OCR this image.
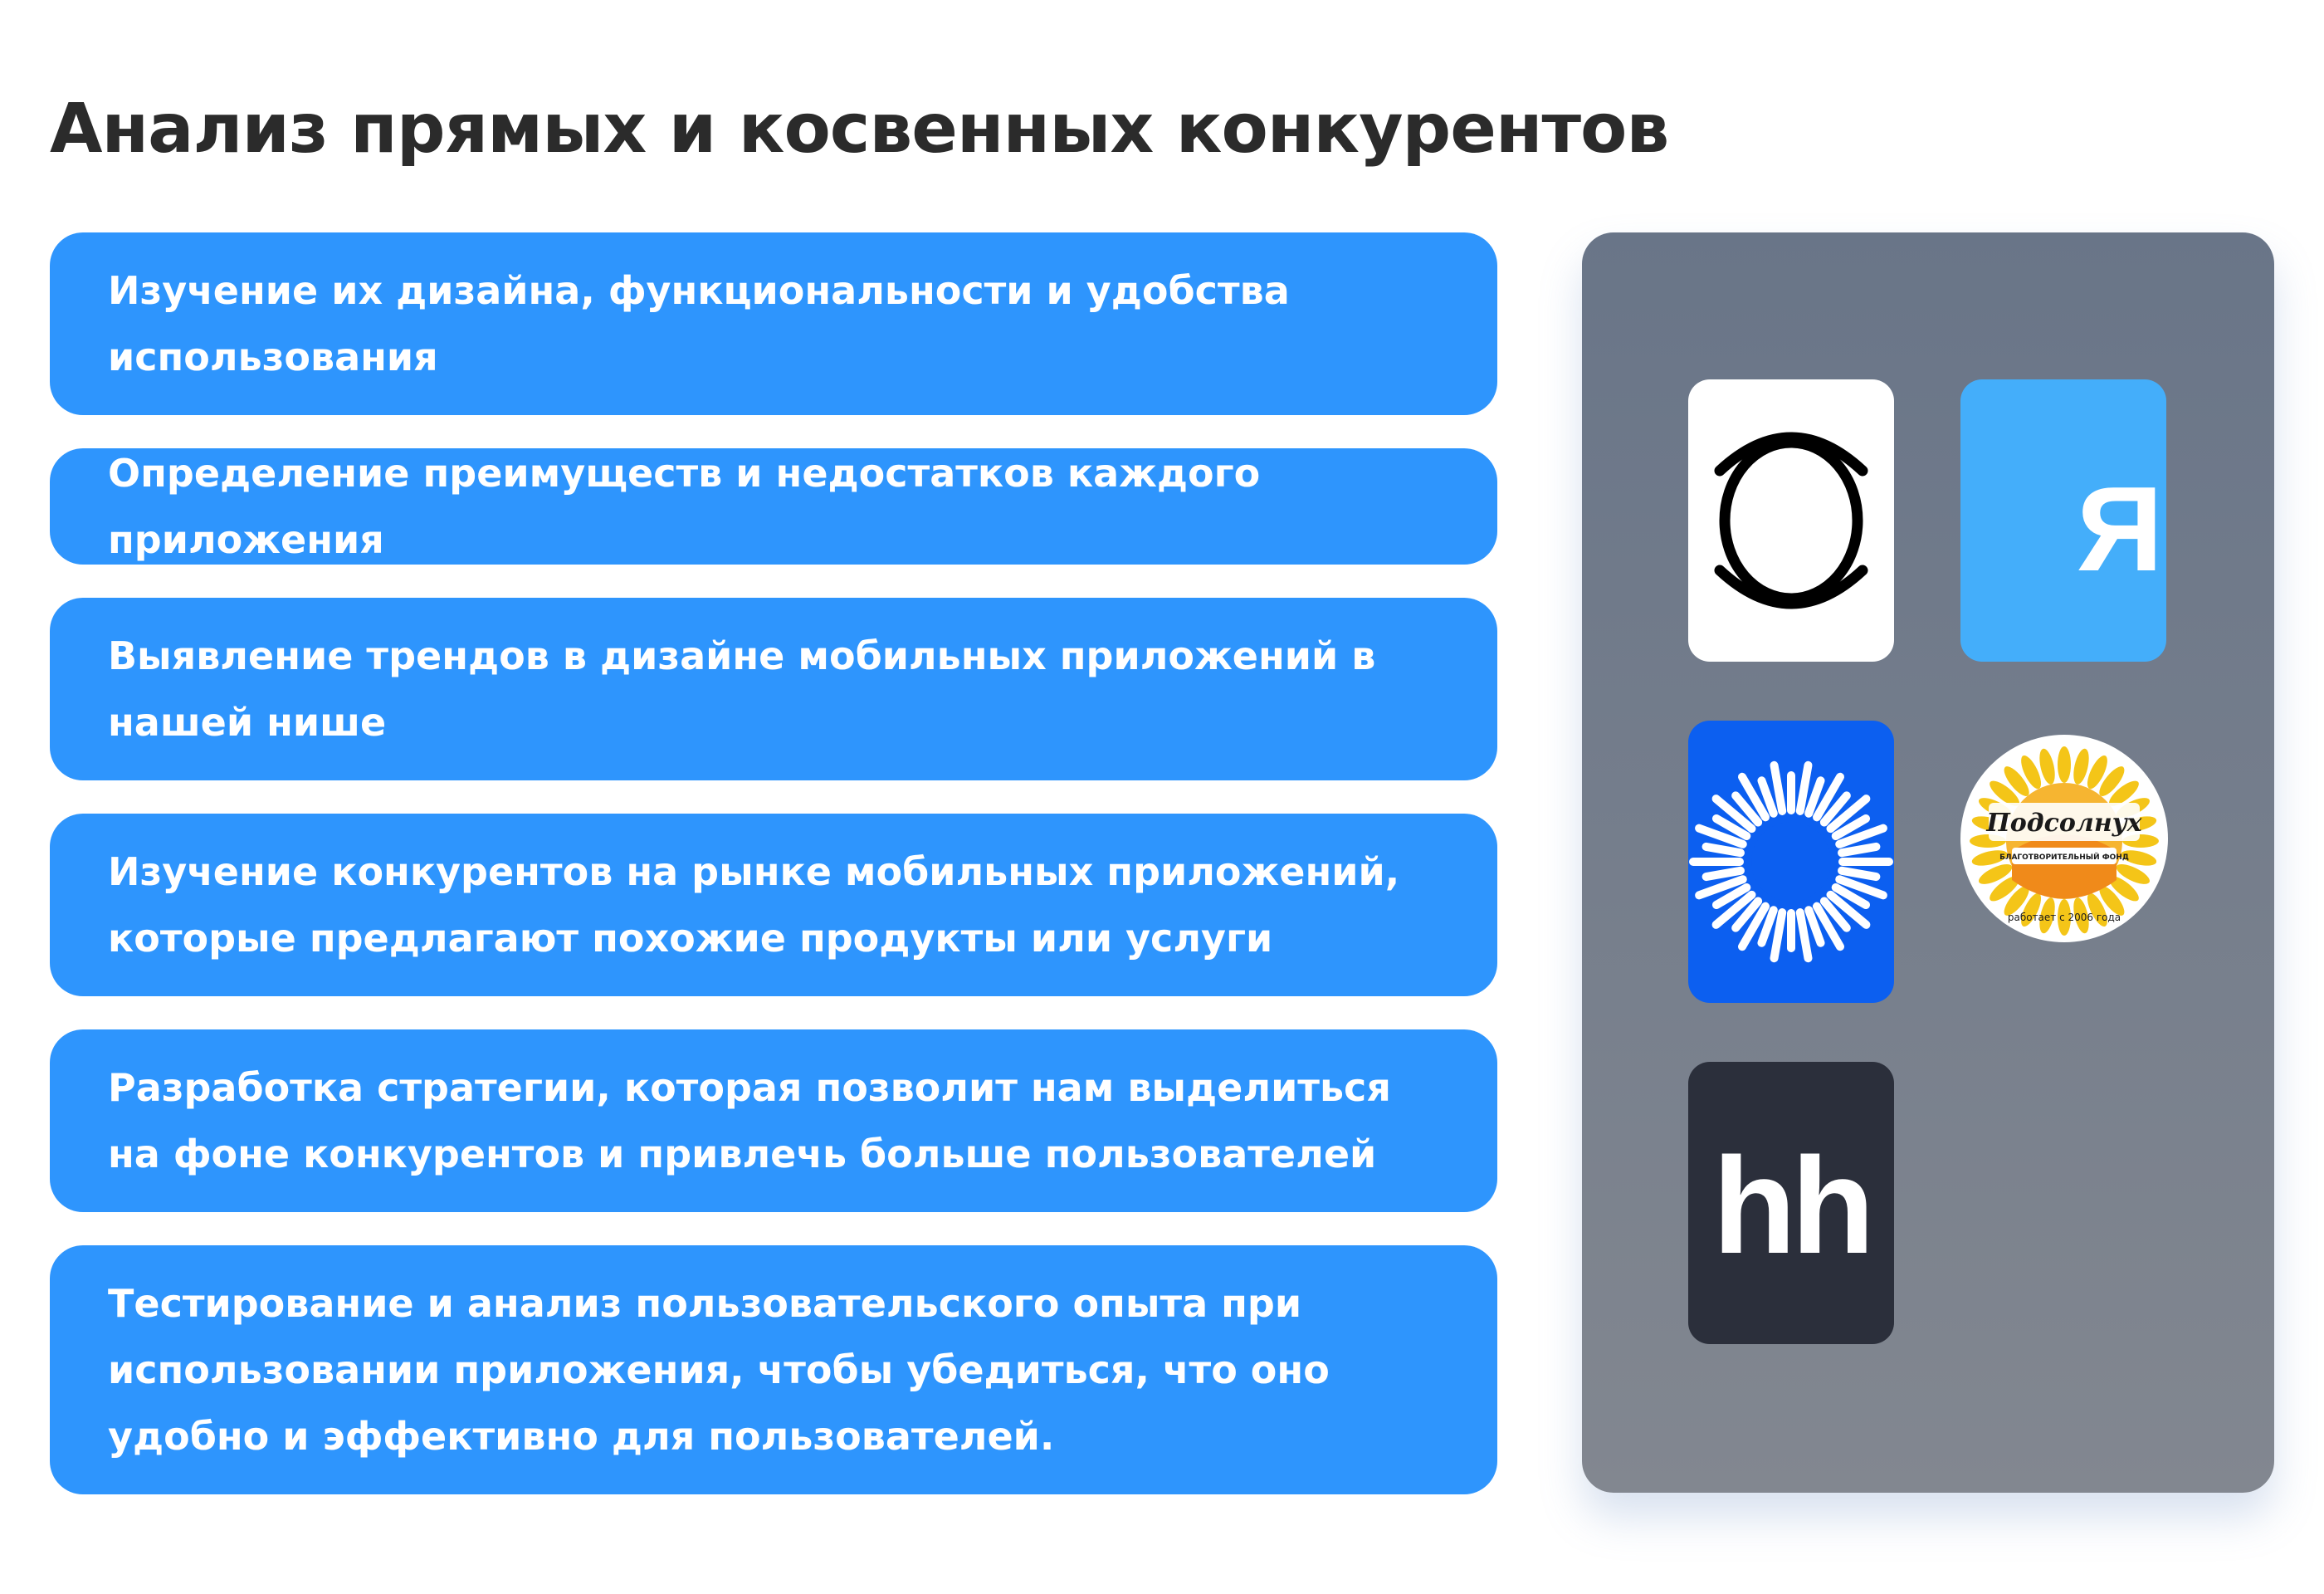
Анализ прямых и косвенных конкурентов
Изучение их дизайна, функциональности и удобства использования
Определение преимуществ и недостатков каждого приложения
Выявление трендов в дизайне мобильных приложений в нашей нише
Изучение конкурентов на рынке мобильных приложений, которые предлагают похожие продукты или услуги
Разработка стратегии, которая позволит нам выделиться на фоне конкурентов и привлечь больше пользователей
Тестирование и анализ пользовательского опыта при использовании приложения, чтобы убедиться, что оно удобно и эффективно для пользователей.
Я
Подсолнух
БЛАГОТВОРИТЕЛЬНЫЙ ФОНД
работает с 2006 года
hh
